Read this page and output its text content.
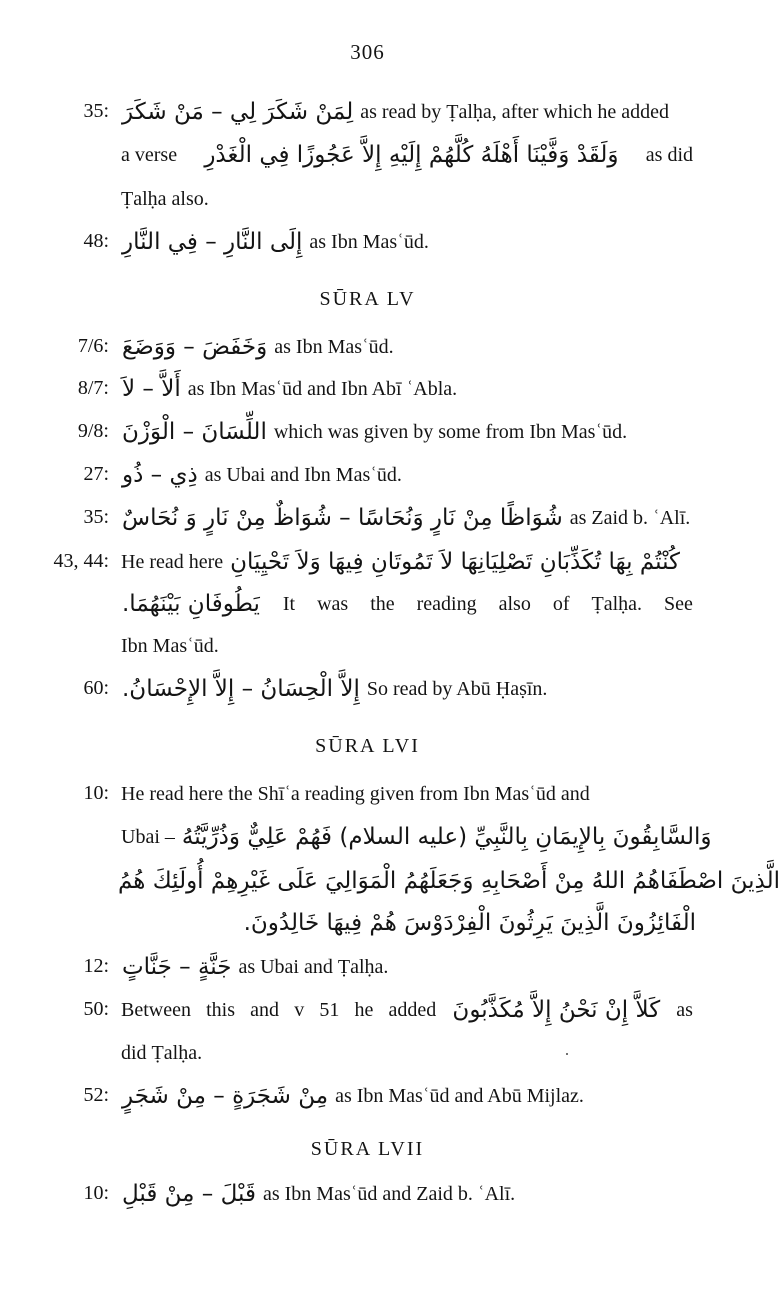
306
35: لِمَنْ شَكَرَ لِي – مَنْ شَكَرَ as read by Ṭalḥa, after which he added
a verse وَلَقَدْ وَفَّيْنَا أَهْلَهُ كُلَّهُمْ إِلَيْهِ إِلاَّ عَجُوزًا فِي الْغَدْرِ as did
Ṭalḥa also.
48: إِلَى النَّارِ – فِي النَّارِ as Ibn Masʿūd.
SŪRA LV
7/6: وَخَفَضَ – وَوَضَعَ as Ibn Masʿūd.
8/7: أَلاَّ – لاَ as Ibn Masʿūd and Ibn Abī ʿAbla.
9/8: اللِّسَانَ – الْوَزْنَ which was given by some from Ibn Masʿūd.
27: ذِي – ذُو as Ubai and Ibn Masʿūd.
35: شُوَاظًا مِنْ نَارٍ وَنُحَاسًا – شُوَاظٌ مِنْ نَارٍ وَ نُحَاسٌ as Zaid b. ʿAlī.
43, 44: He read here كُنْتُمْ بِهَا تُكَذِّبَانِ تَصْلِيَانِهَا لاَ تَمُوتَانِ فِيهَا وَلاَ تَحْيِيَانِ
يَطُوفَانِ بَيْنَهُمَا. It was the reading also of Ṭalḥa. See
Ibn Masʿūd.
60: إِلاَّ الْحِسَانُ – إِلاَّ الإِحْسَانُ. So read by Abū Ḥaṣīn.
SŪRA LVI
10: He read here the Shīʿa reading given from Ibn Masʿūd and
Ubai – وَالسَّابِقُونَ بِالإِيمَانِ بِالنَّبِيِّ (عليه السلام) فَهُمْ عَلِيٌّ وَذُرِّيَّتُهُ
الَّذِينَ اصْطَفَاهُمُ اللهُ مِنْ أَصْحَابِهِ وَجَعَلَهُمُ الْمَوَالِيَ عَلَى غَيْرِهِمْ أُولَئِكَ هُمُ
الْفَائِزُونَ الَّذِينَ يَرِثُونَ الْفِرْدَوْسَ هُمْ فِيهَا خَالِدُونَ.
12: جَنَّةٍ – جَنَّاتٍ as Ubai and Ṭalḥa.
50: Between this and v 51 he added كَلاَّ إِنْ نَحْنُ إِلاَّ مُكَذَّبُونَ as
did Ṭalḥa.
52: مِنْ شَجَرَةٍ – مِنْ شَجَرٍ as Ibn Masʿūd and Abū Mijlaz.
SŪRA LVII
10: قَبْلَ – مِنْ قَبْلِ as Ibn Masʿūd and Zaid b. ʿAlī.
